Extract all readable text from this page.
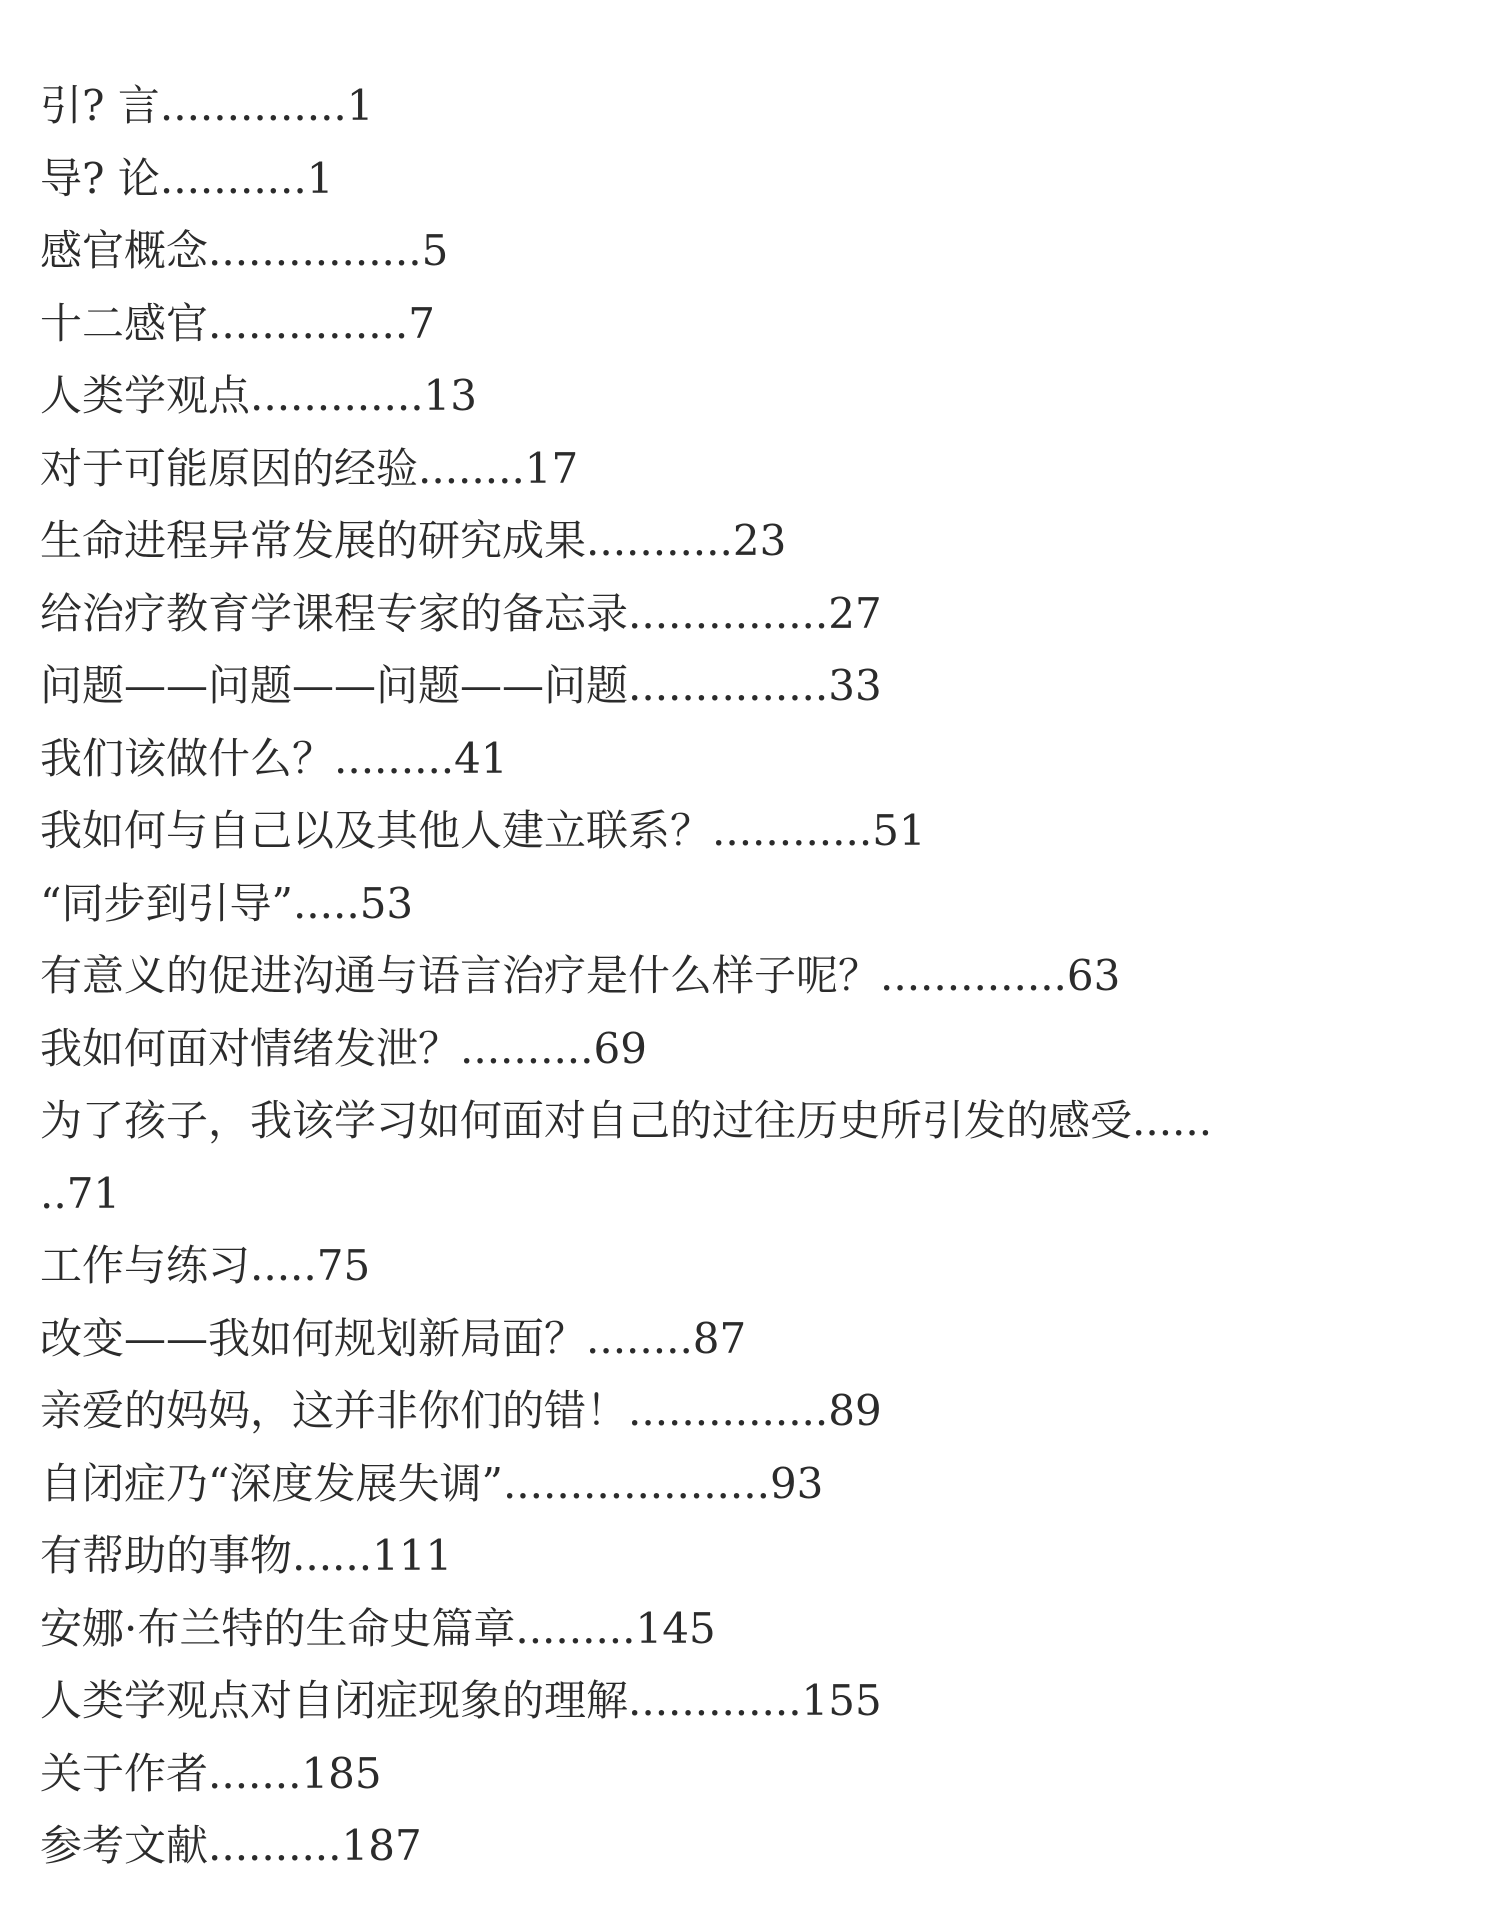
引? 言..............1
导? 论...........1
感官概念................5
十二感官...............7
人类学观点.............13
对于可能原因的经验........17
生命进程异常发展的研究成果...........23
给治疗教育学课程专家的备忘录...............27
问题——问题——问题——问题...............33
我们该做什么？.........41
我如何与自己以及其他人建立联系？............51
“同步到引导”.....53
有意义的促进沟通与语言治疗是什么样子呢？..............63
我如何面对情绪发泄？..........69
为了孩子，我该学习如何面对自己的过往历史所引发的感受......
..71
工作与练习.....75
改变——我如何规划新局面？........87
亲爱的妈妈，这并非你们的错！...............89
自闭症乃“深度发展失调”....................93
有帮助的事物......111
安娜·布兰特的生命史篇章.........145
人类学观点对自闭症现象的理解.............155
关于作者.......185
参考文献..........187
